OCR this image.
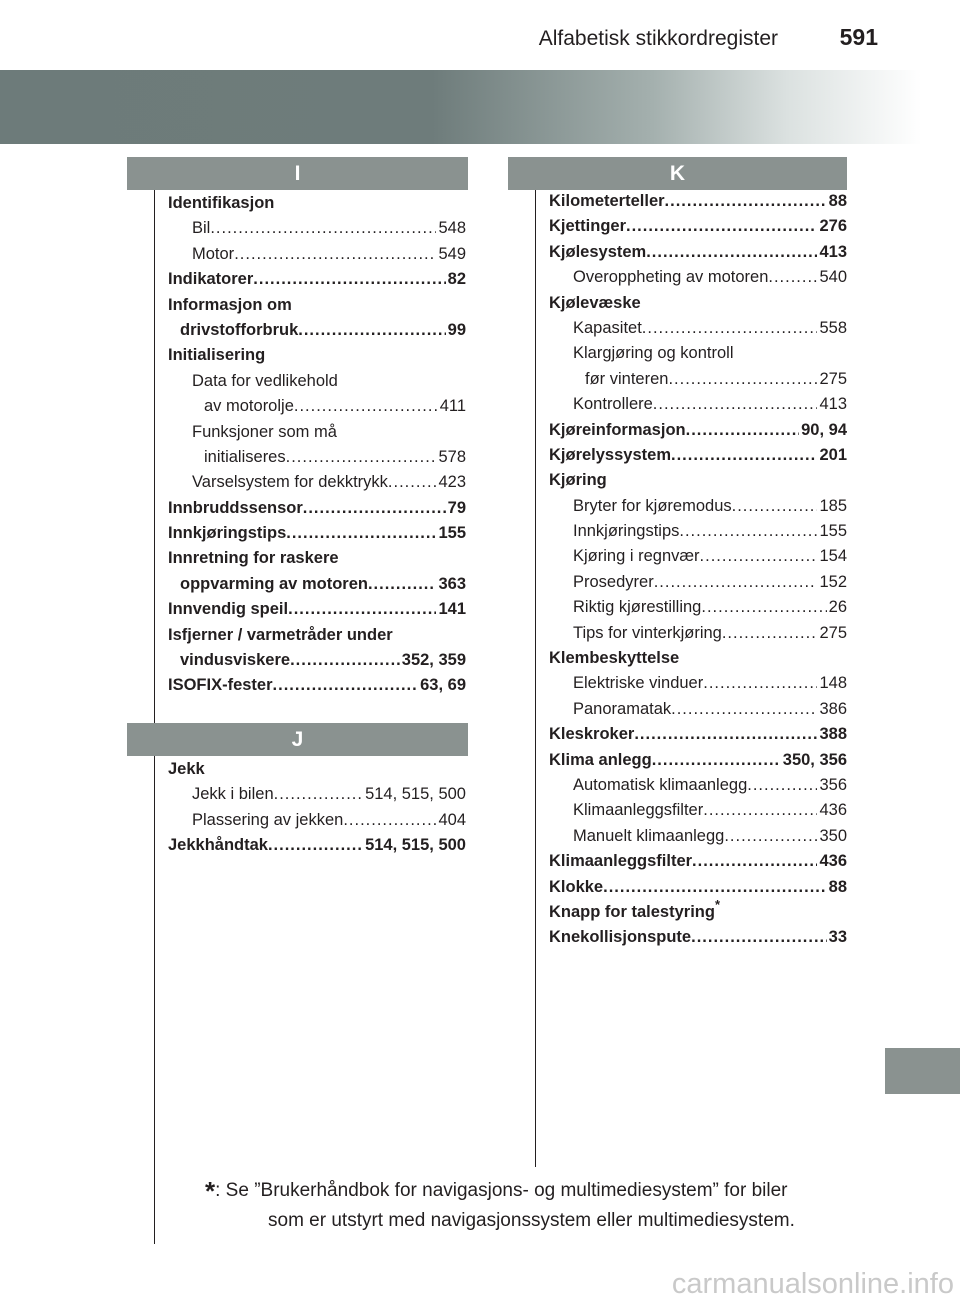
Alfabetisk stikkordregister	591
I
J
K
Identifikasjon
Bil .....	548
Motor .....	549
Indikatorer .....	82
Informasjon om
drivstofforbruk .....	99
Initialisering
Data for vedlikehold
av motorolje .....	411
Funksjoner som må
initialiseres .....	578
Varselsystem for dekktrykk .....	423
Innbruddssensor .....	79
Innkjøringstips .....	155
Innretning for raskere
oppvarming av motoren .....	363
Innvendig speil .....	141
Isfjerner / varmetråder under
vindusviskere .....	352, 359
ISOFIX-fester .....	63, 69
Jekk
Jekk i bilen .....	514, 515, 500
Plassering av jekken .....	404
Jekkhåndtak .....	514, 515, 500
Kilometerteller .....	88
Kjettinger .....	276
Kjølesystem .....	413
Overoppheting av motoren .....	540
Kjølevæske
Kapasitet .....	558
Klargjøring og kontroll
før vinteren .....	275
Kontrollere .....	413
Kjøreinformasjon .....	90, 94
Kjørelyssystem .....	201
Kjøring
Bryter for kjøremodus .....	185
Innkjøringstips .....	155
Kjøring i regnvær .....	154
Prosedyrer .....	152
Riktig kjørestilling .....	26
Tips for vinterkjøring .....	275
Klembeskyttelse
Elektriske vinduer .....	148
Panoramatak .....	386
Kleskroker .....	388
Klima anlegg .....	350, 356
Automatisk klimaanlegg .....	356
Klimaanleggsfilter .....	436
Manuelt klimaanlegg .....	350
Klimaanleggsfilter .....	436
Klokke .....	88
Knapp for talestyring*
Knekollisjonspute .....	33
*: Se ”Brukerhåndbok for navigasjons- og multimediesystem” for biler
som er utstyrt med navigasjonssystem eller multimediesystem.
carmanualsonline.info
